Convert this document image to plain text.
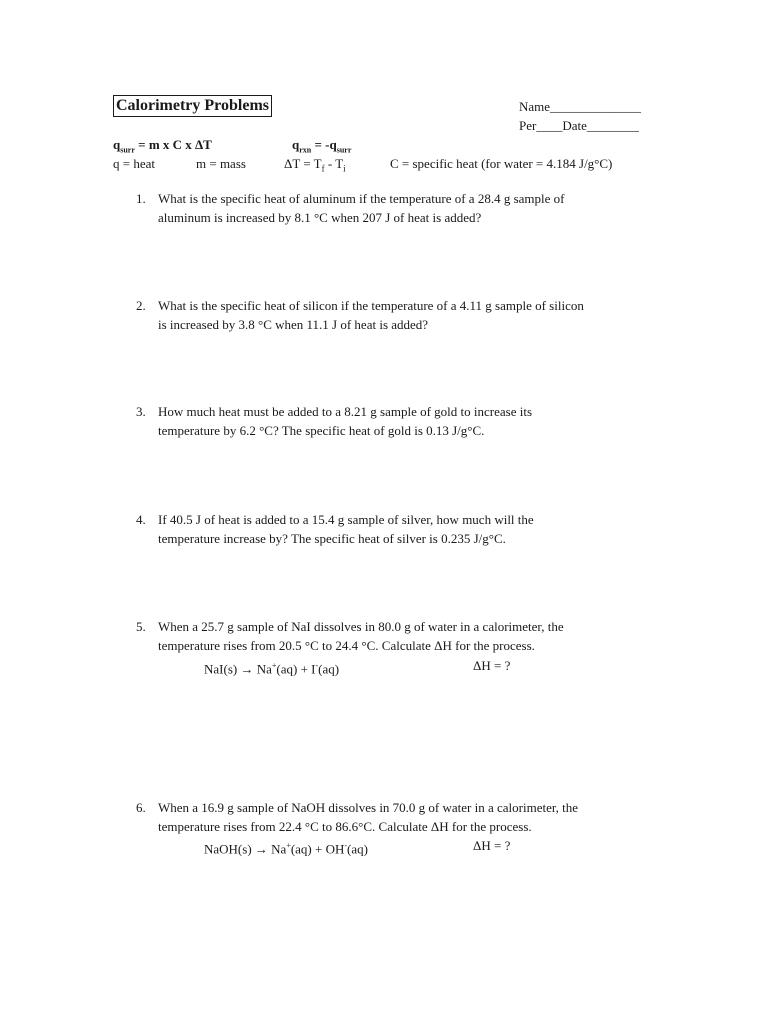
Calorimetry Problems	Name______________
Per____Date________
$q_{surr} = m$ x C x ΔT	$q_{rxn} = -q_{surr}$
q = heat	m = mass	$\Delta T = T_f - T_i$	C = specific heat (for water = 4.184 J/g°C)
1. What is the specific heat of aluminum if the temperature of a 28.4 g sample of
aluminum is increased by 8.1 °C when 207 J of heat is added?
2. What is the specific heat of silicon if the temperature of a 4.11 g sample of silicon
is increased by 3.8 °C when 11.1 J of heat is added?
3. How much heat must be added to a 8.21 g sample of gold to increase its
temperature by 6.2 °C? The specific heat of gold is 0.13 J/g°C.
4. If 40.5 J of heat is added to a 15.4 g sample of silver, how much will the
temperature increase by? The specific heat of silver is 0.235 J/g°C.
5. When a 25.7 g sample of NaI dissolves in 80.0 g of water in a calorimeter, the
temperature rises from 20.5 °C to 24.4 °C. Calculate ΔH for the process.
NaI(s) → Na+(aq) + I-(aq)	ΔH = ?
6. When a 16.9 g sample of NaOH dissolves in 70.0 g of water in a calorimeter, the
temperature rises from 22.4 °C to 86.6°C. Calculate ΔH for the process.
NaOH(s) → Na+(aq) + OH-(aq)	ΔH = ?
